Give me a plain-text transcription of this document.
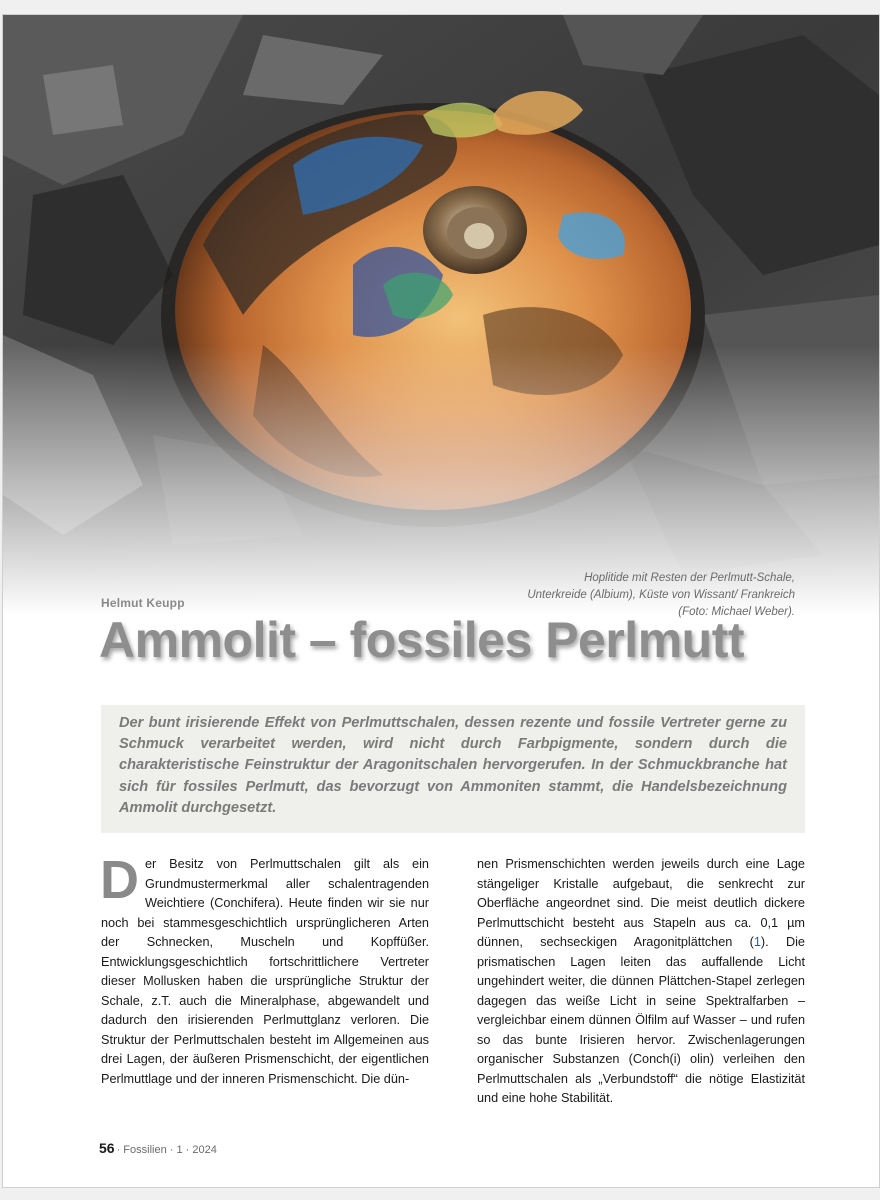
Helmut Keupp
Hoplitide mit Resten der Perlmutt-Schale, Unterkreide (Albium), Küste von Wissant/ Frankreich (Foto: Michael Weber).
Ammolit – fossiles Perlmutt

Der bunt irisierende Effekt von Perlmuttschalen, dessen rezente und fossile Vertreter gerne zu Schmuck verarbeitet werden, wird nicht durch Farbpigmente, sondern durch die charakteristische Feinstruktur der Aragonitschalen hervorgerufen. In der Schmuckbranche hat sich für fossiles Perlmutt, das bevorzugt von Ammoniten stammt, die Handelsbezeichnung Ammolit durchgesetzt.

Der Besitz von Perlmuttschalen gilt als ein Grundmustermerkmal aller schalentragenden Weichtiere (Conchifera). Heute finden wir sie nur noch bei stammesgeschichtlich ursprünglicheren Arten der Schnecken, Muscheln und Kopffüßer. Entwicklungsgeschichtlich fortschrittlichere Vertreter dieser Mollusken haben die ursprüngliche Struktur der Schale, z.T. auch die Mineralphase, abgewandelt und dadurch den irisierenden Perlmuttglanz verloren. Die Struktur der Perlmuttschalen besteht im Allgemeinen aus drei Lagen, der äußeren Prismenschicht, der eigentlichen Perlmuttlage und der inneren Prismenschicht. Die dün-

nen Prismenschichten werden jeweils durch eine Lage stängeliger Kristalle aufgebaut, die senkrecht zur Oberfläche angeordnet sind. Die meist deutlich dickere Perlmuttschicht besteht aus Stapeln aus ca. 0,1 µm dünnen, sechseckigen Aragonitplättchen (1). Die prismatischen Lagen leiten das auffallende Licht ungehindert weiter, die dünnen Plättchen-Stapel zerlegen dagegen das weiße Licht in seine Spektralfarben – vergleichbar einem dünnen Ölfilm auf Wasser – und rufen so das bunte Irisieren hervor. Zwischenlagerungen organischer Substanzen (Conch(i) olin) verleihen den Perlmuttschalen als „Verbundstoff“ die nötige Elastizität und eine hohe Stabilität.

56 · Fossilien · 1 · 2024
